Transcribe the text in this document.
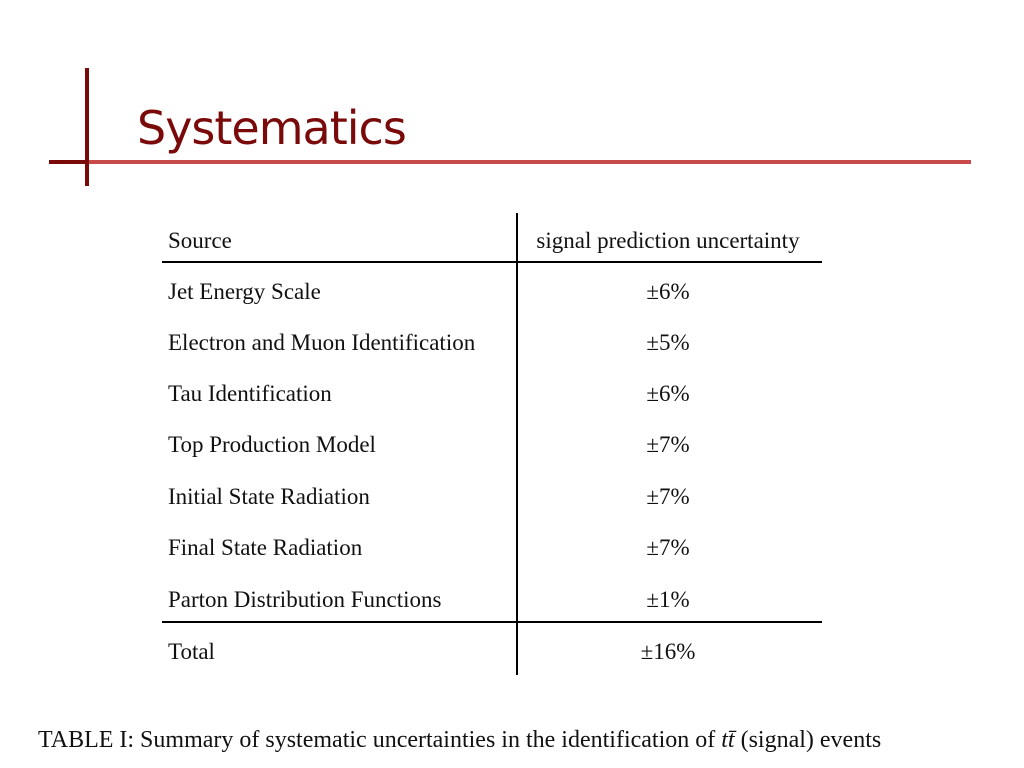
Systematics
Source	signal prediction uncertainty
Jet Energy Scale	±6%
Electron and Muon Identification	±5%
Tau Identification	±6%
Top Production Model	±7%
Initial State Radiation	±7%
Final State Radiation	±7%
Parton Distribution Functions	±1%
Total	±16%
TABLE I: Summary of systematic uncertainties in the identification of tt̄ (signal) events
